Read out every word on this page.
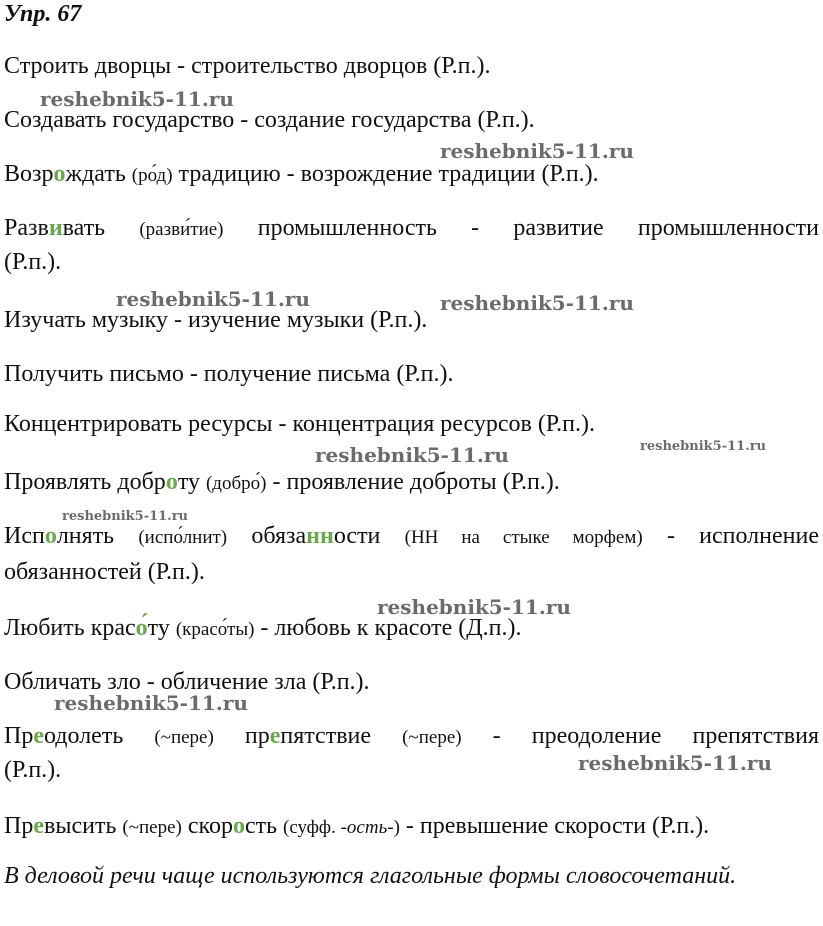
Упр. 67
Строить дворцы - строительство дворцов (Р.п.).
Создавать государство - создание государства (Р.п.).
Возрождать (ро́д) традицию - возрождение традиции (Р.п.).
Развивать (разви́тие) промышленность - развитие промышленности
(Р.п.).
Изучать музыку - изучение музыки (Р.п.).
Получить письмо - получение письма (Р.п.).
Концентрировать ресурсы - концентрация ресурсов (Р.п.).
Проявлять доброту (добро́) - проявление доброты (Р.п.).
Исполнять (испо́лнит) обязанности (НН на стыке морфем) - исполнение
обязанностей (Р.п.).
Любить красо́ту (красо́ты) - любовь к красоте (Д.п.).
Обличать зло - обличение зла (Р.п.).
Преодолеть (~пере) препятствие (~пере) - преодоление препятствия
(Р.п.).
Превысить (~пере) скорость (суфф. -ость-) - превышение скорости (Р.п.).
В деловой речи чаще используются глагольные формы словосочетаний.
reshebnik5-11.ru
reshebnik5-11.ru
reshebnik5-11.ru	reshebnik5-11.ru
reshebnik5-11.ru	reshebnik5-11.ru
reshebnik5-11.ru
reshebnik5-11.ru
reshebnik5-11.ru
reshebnik5-11.ru
